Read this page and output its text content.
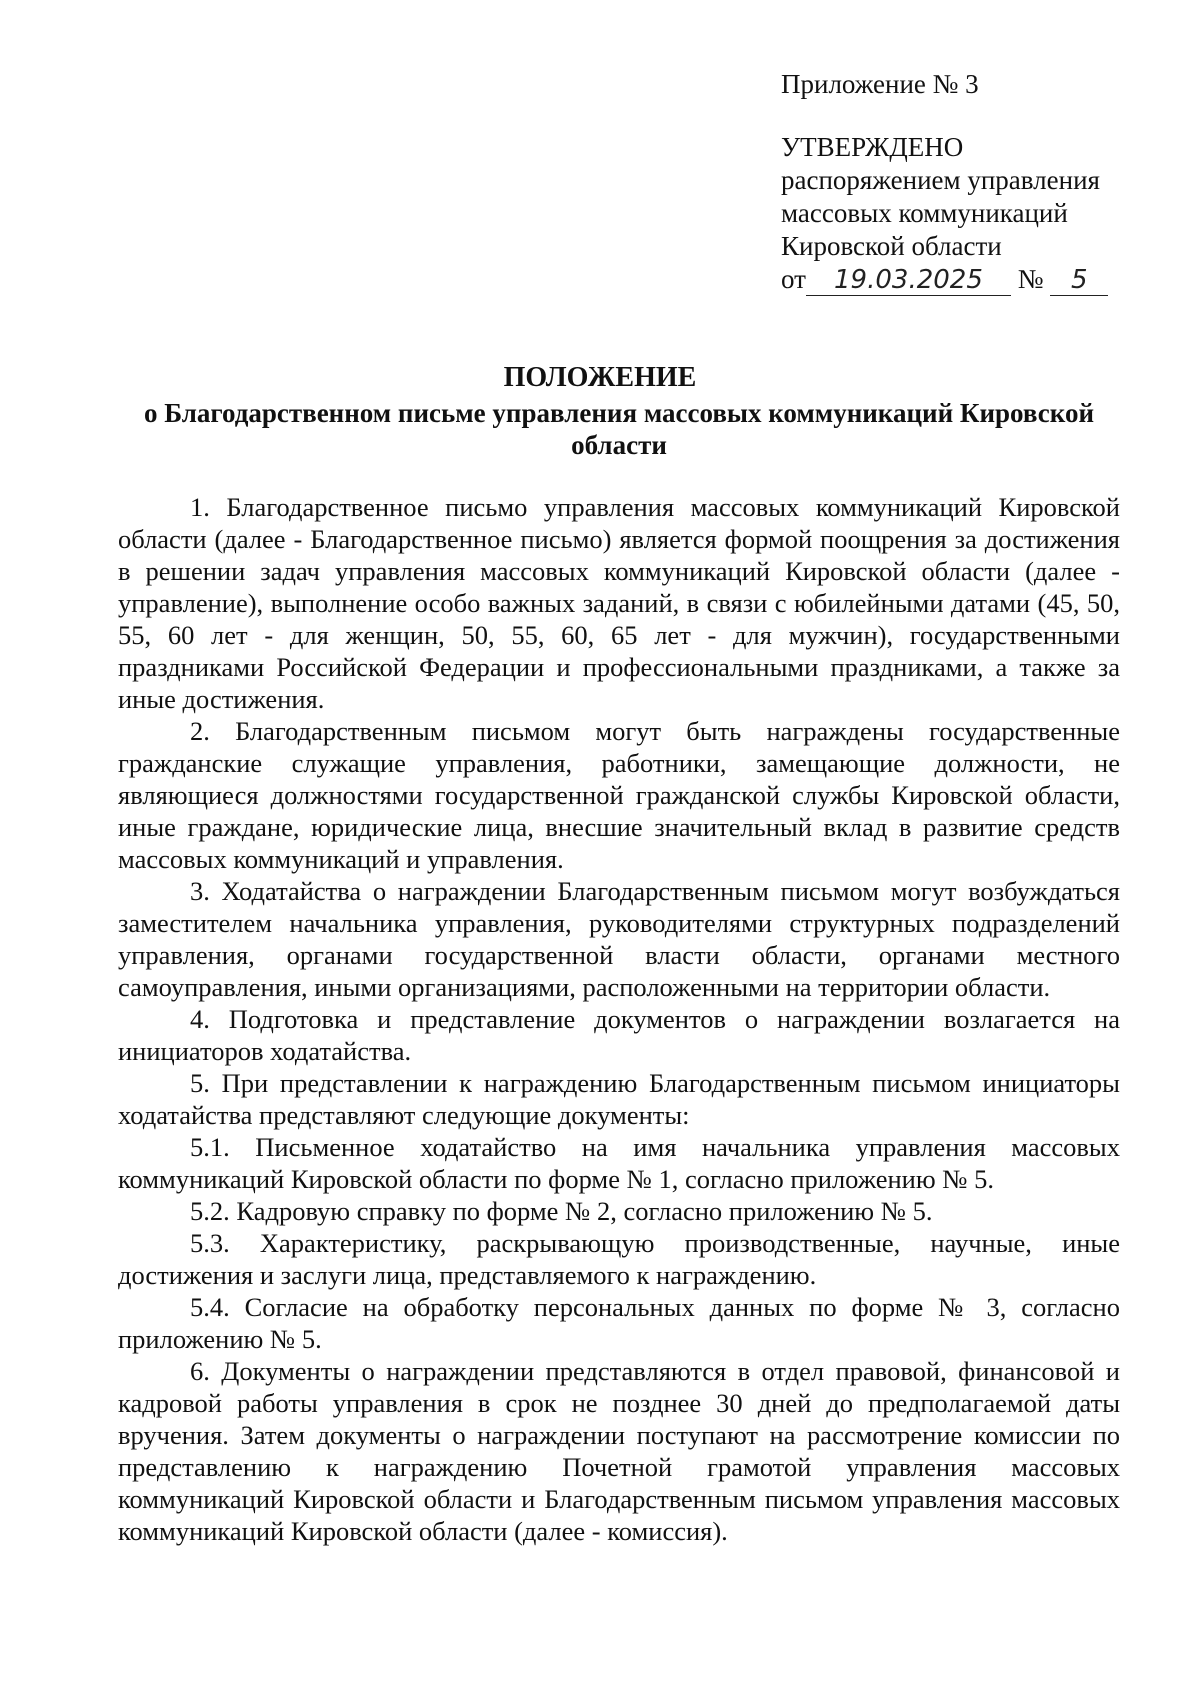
Приложение № 3
УТВЕРЖДЕНО
распоряжением управления
массовых коммуникаций
Кировской области
от 19.03.2025 № 5
ПОЛОЖЕНИЕ
о Благодарственном письме управления массовых коммуникаций Кировской области

1. Благодарственное письмо управления массовых коммуникаций Кировской области (далее - Благодарственное письмо) является формой поощрения за достижения в решении задач управления массовых коммуникаций Кировской области (далее - управление), выполнение особо важных заданий, в связи с юбилейными датами (45, 50, 55, 60 лет - для женщин, 50, 55, 60, 65 лет - для мужчин), государственными праздниками Российской Федерации и профессиональными праздниками, а также за иные достижения.

2. Благодарственным письмом могут быть награждены государственные гражданские служащие управления, работники, замещающие должности, не являющиеся должностями государственной гражданской службы Кировской области, иные граждане, юридические лица, внесшие значительный вклад в развитие средств массовых коммуникаций и управления.

3. Ходатайства о награждении Благодарственным письмом могут возбуждаться заместителем начальника управления, руководителями структурных подразделений управления, органами государственной власти области, органами местного самоуправления, иными организациями, расположенными на территории области.

4. Подготовка и представление документов о награждении возлагается на инициаторов ходатайства.

5. При представлении к награждению Благодарственным письмом инициаторы ходатайства представляют следующие документы:

5.1. Письменное ходатайство на имя начальника управления массовых коммуникаций Кировской области по форме № 1, согласно приложению № 5.

5.2. Кадровую справку по форме № 2, согласно приложению № 5.

5.3. Характеристику, раскрывающую производственные, научные, иные достижения и заслуги лица, представляемого к награждению.

5.4. Согласие на обработку персональных данных по форме № 3, согласно приложению № 5.

6. Документы о награждении представляются в отдел правовой, финансовой и кадровой работы управления в срок не позднее 30 дней до предполагаемой даты вручения. Затем документы о награждении поступают на рассмотрение комиссии по представлению к награждению Почетной грамотой управления массовых коммуникаций Кировской области и Благодарственным письмом управления массовых коммуникаций Кировской области (далее - комиссия).
